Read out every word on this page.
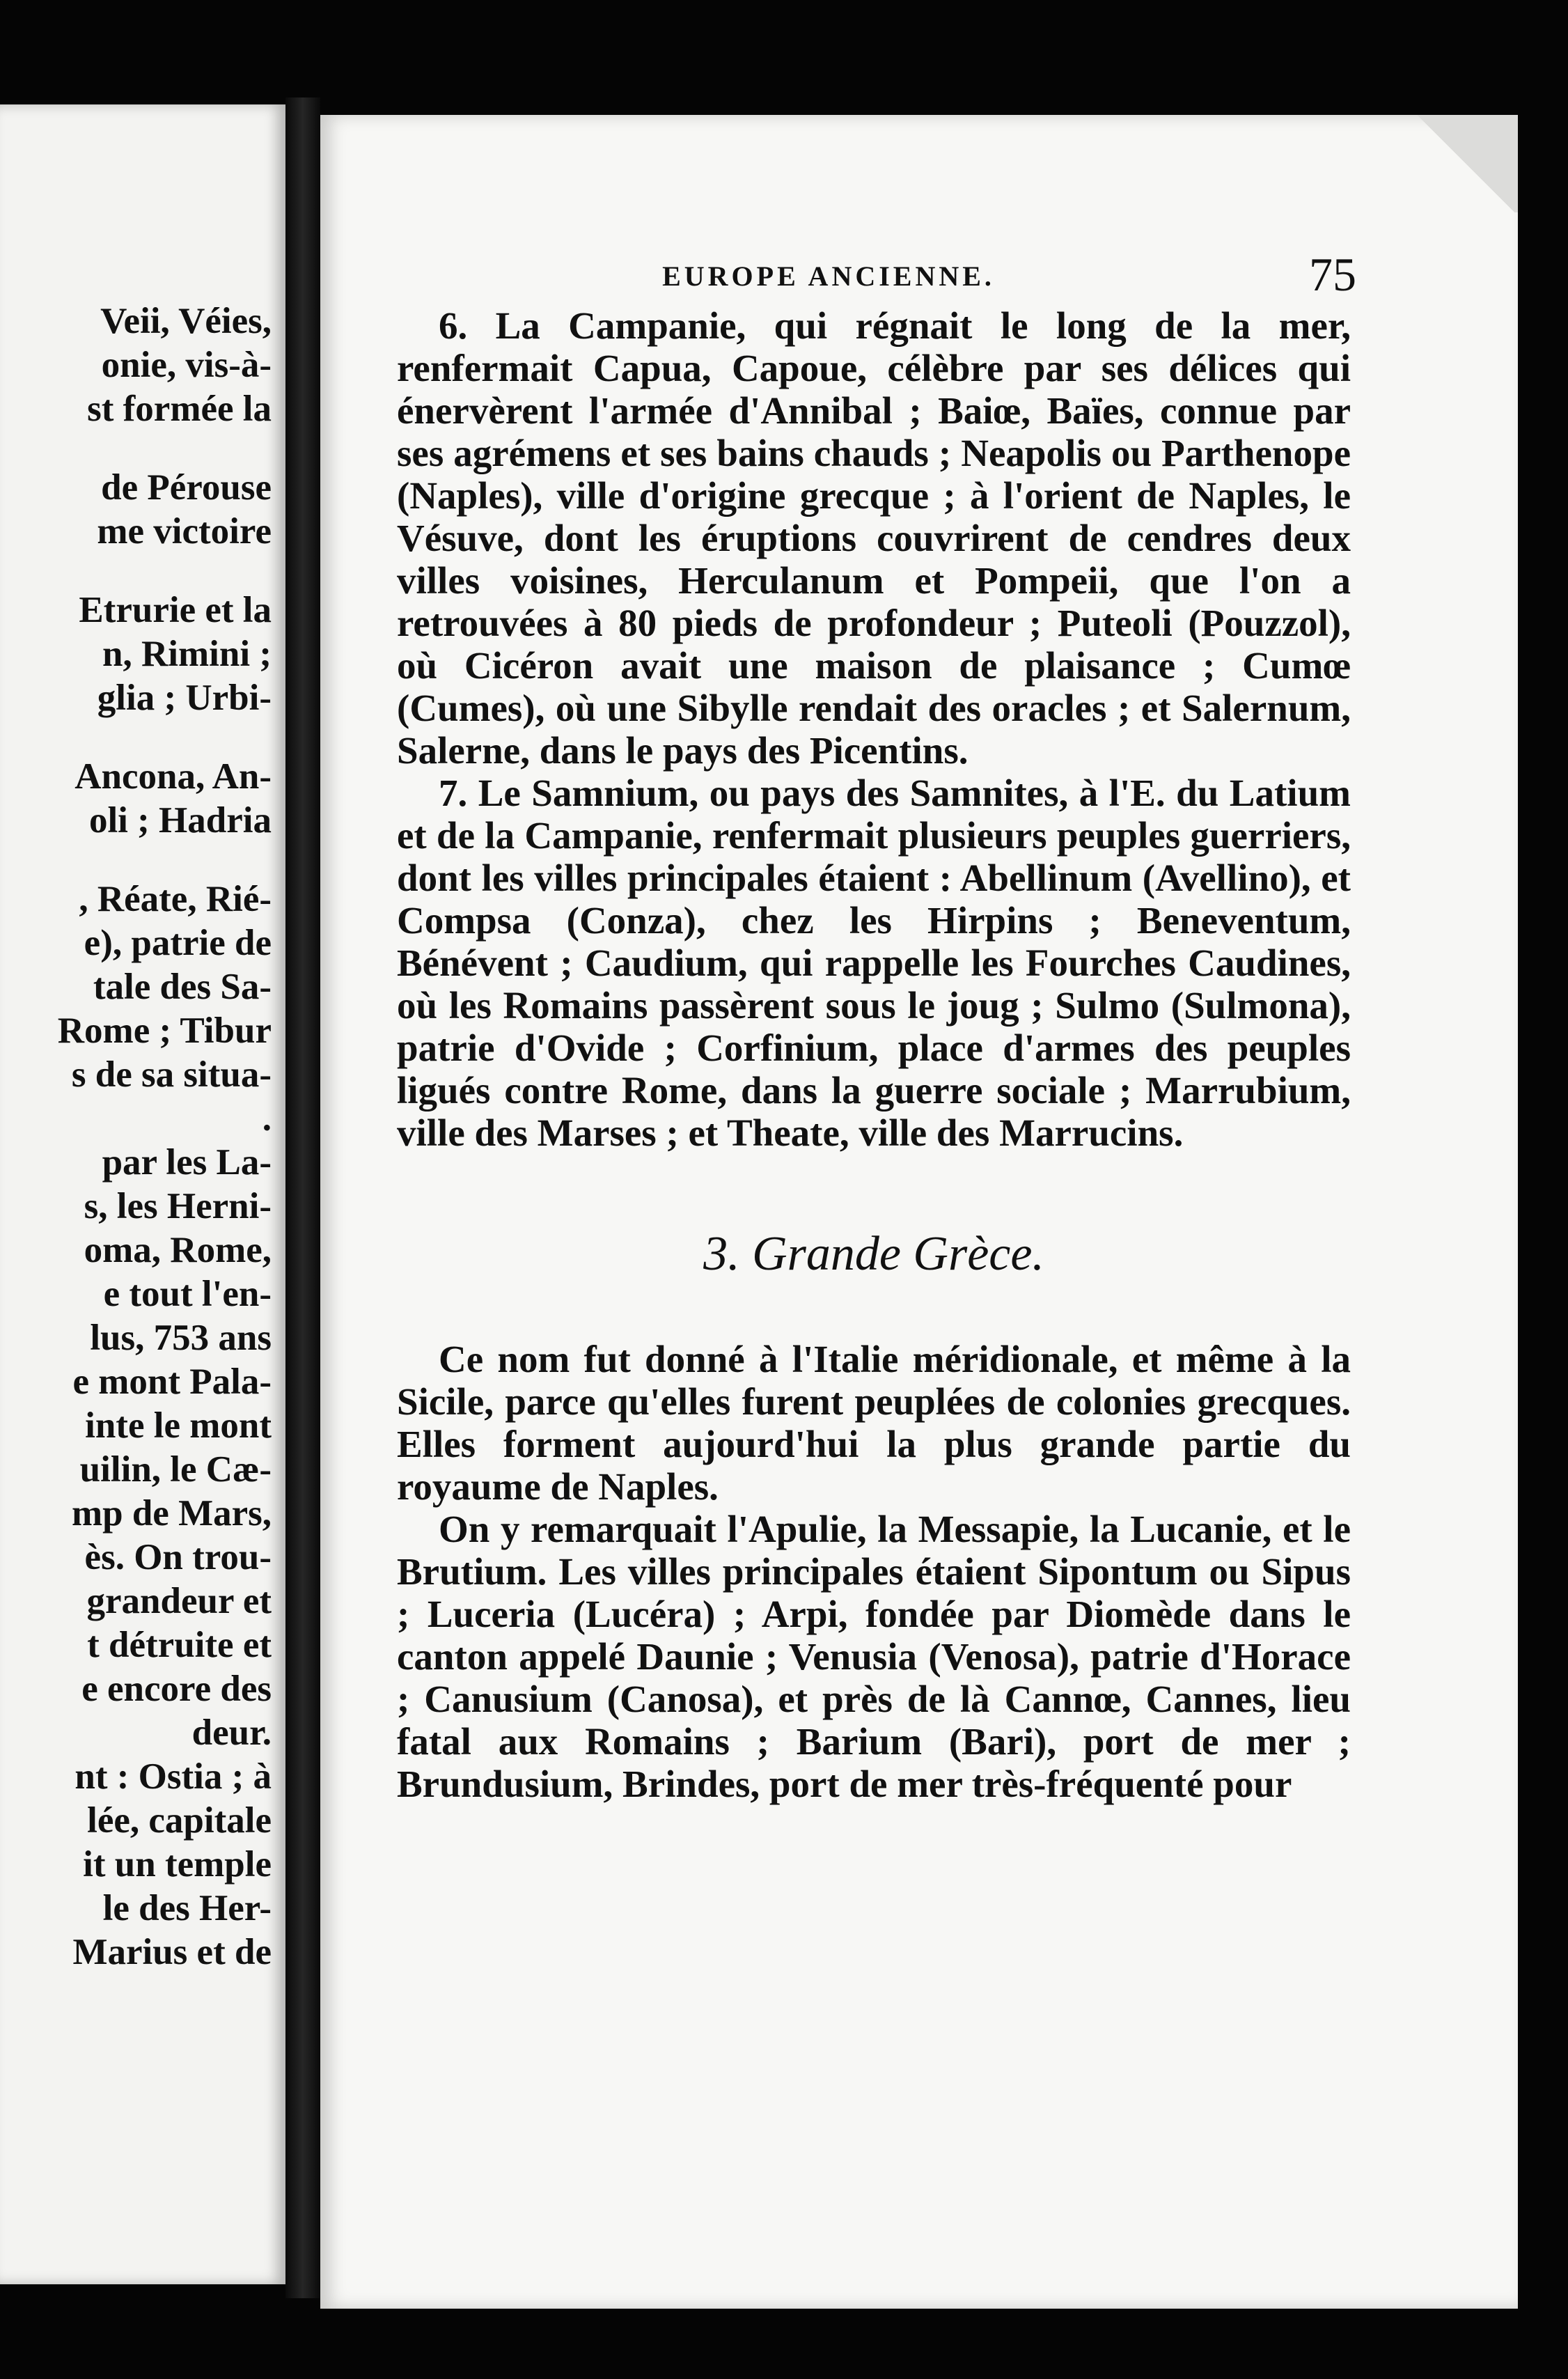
Veii, Véies,
onie, vis-à-
st formée la
de Pérouse
me victoire
Etrurie et la
n, Rimini ;
glia ; Urbi-
Ancona, An-
oli ; Hadria
, Réate, Rié-
e), patrie de
tale des Sa-
Rome ; Tibur
s de sa situa-
.
par les La-
s, les Herni-
oma, Rome,
e tout l'en-
lus, 753 ans
e mont Pala-
inte le mont
uilin, le Cæ-
mp de Mars,
ès. On trou-
grandeur et
t détruite et
e encore des
deur.
nt : Ostia ; à
lée, capitale
it un temple
le des Her-
Marius et de
EUROPE ANCIENNE.	75

6. La Campanie, qui régnait le long de la mer, renfermait Capua, Capoue, célèbre par ses délices qui énervèrent l'armée d'Annibal ; Baiœ, Baïes, connue par ses agrémens et ses bains chauds ; Neapolis ou Parthenope (Naples), ville d'origine grecque ; à l'orient de Naples, le Vésuve, dont les éruptions couvrirent de cendres deux villes voisines, Herculanum et Pompeii, que l'on a retrouvées à 80 pieds de profondeur ; Puteoli (Pouzzol), où Cicéron avait une maison de plaisance ; Cumœ (Cumes), où une Sibylle rendait des oracles ; et Salernum, Salerne, dans le pays des Picentins.

7. Le Samnium, ou pays des Samnites, à l'E. du Latium et de la Campanie, renfermait plusieurs peuples guerriers, dont les villes principales étaient : Abellinum (Avellino), et Compsa (Conza), chez les Hirpins ; Beneventum, Bénévent ; Caudium, qui rappelle les Fourches Caudines, où les Romains passèrent sous le joug ; Sulmo (Sulmona), patrie d'Ovide ; Corfinium, place d'armes des peuples ligués contre Rome, dans la guerre sociale ; Marrubium, ville des Marses ; et Theate, ville des Marrucins.

3. Grande Grèce.

Ce nom fut donné à l'Italie méridionale, et même à la Sicile, parce qu'elles furent peuplées de colonies grecques. Elles forment aujourd'hui la plus grande partie du royaume de Naples.

On y remarquait l'Apulie, la Messapie, la Lucanie, et le Brutium. Les villes principales étaient Sipontum ou Sipus ; Luceria (Lucéra) ; Arpi, fondée par Diomède dans le canton appelé Daunie ; Venusia (Venosa), patrie d'Horace ; Canusium (Canosa), et près de là Cannœ, Cannes, lieu fatal aux Romains ; Barium (Bari), port de mer ; Brundusium, Brindes, port de mer très-fréquenté pour
